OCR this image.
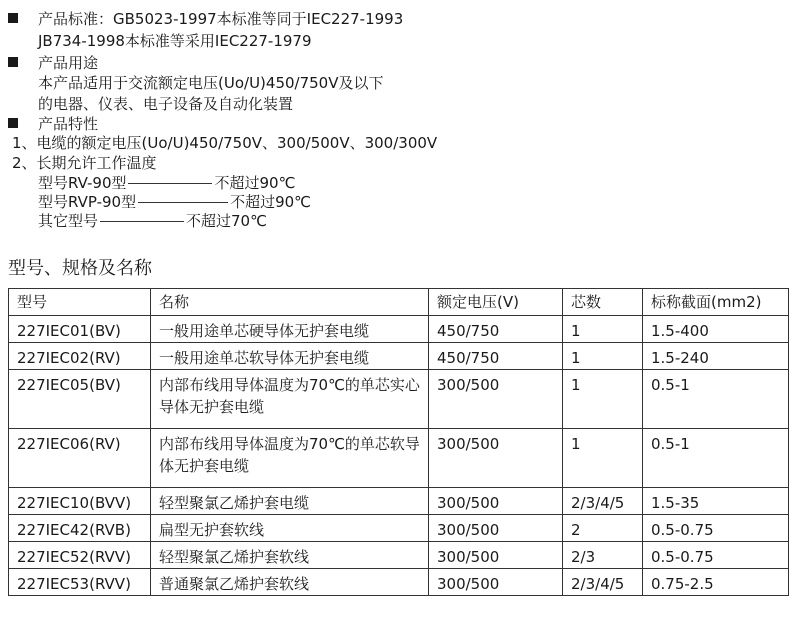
产品标准：GB5023-1997本标准等同于IEC227-1993
JB734-1998本标准等采用IEC227-1979
产品用途
本产品适用于交流额定电压(Uo/U)450/750V及以下
的电器、仪表、电子设备及自动化装置
产品特性
1、电缆的额定电压(Uo/U)450/750V、300/500V、300/300V
2、长期允许工作温度
型号RV-90型	不超过90℃
型号RVP-90型	不超过90℃
其它型号	不超过70℃
型号、规格及名称
型号	名称	额定电压(V)	芯数	标称截面(mm2)
227IEC01(BV)	一般用途单芯硬导体无护套电缆	450/750	1	1.5-400
227IEC02(RV)	一般用途单芯软导体无护套电缆	450/750	1	1.5-240
227IEC05(BV)	内部布线用导体温度为70℃的单芯实心导体无护套电缆	300/500	1	0.5-1
227IEC06(RV)	内部布线用导体温度为70℃的单芯软导体无护套电缆	300/500	1	0.5-1
227IEC10(BVV)	轻型聚氯乙烯护套电缆	300/500	2/3/4/5	1.5-35
227IEC42(RVB)	扁型无护套软线	300/500	2	0.5-0.75
227IEC52(RVV)	轻型聚氯乙烯护套软线	300/500	2/3	0.5-0.75
227IEC53(RVV)	普通聚氯乙烯护套软线	300/500	2/3/4/5	0.75-2.5
